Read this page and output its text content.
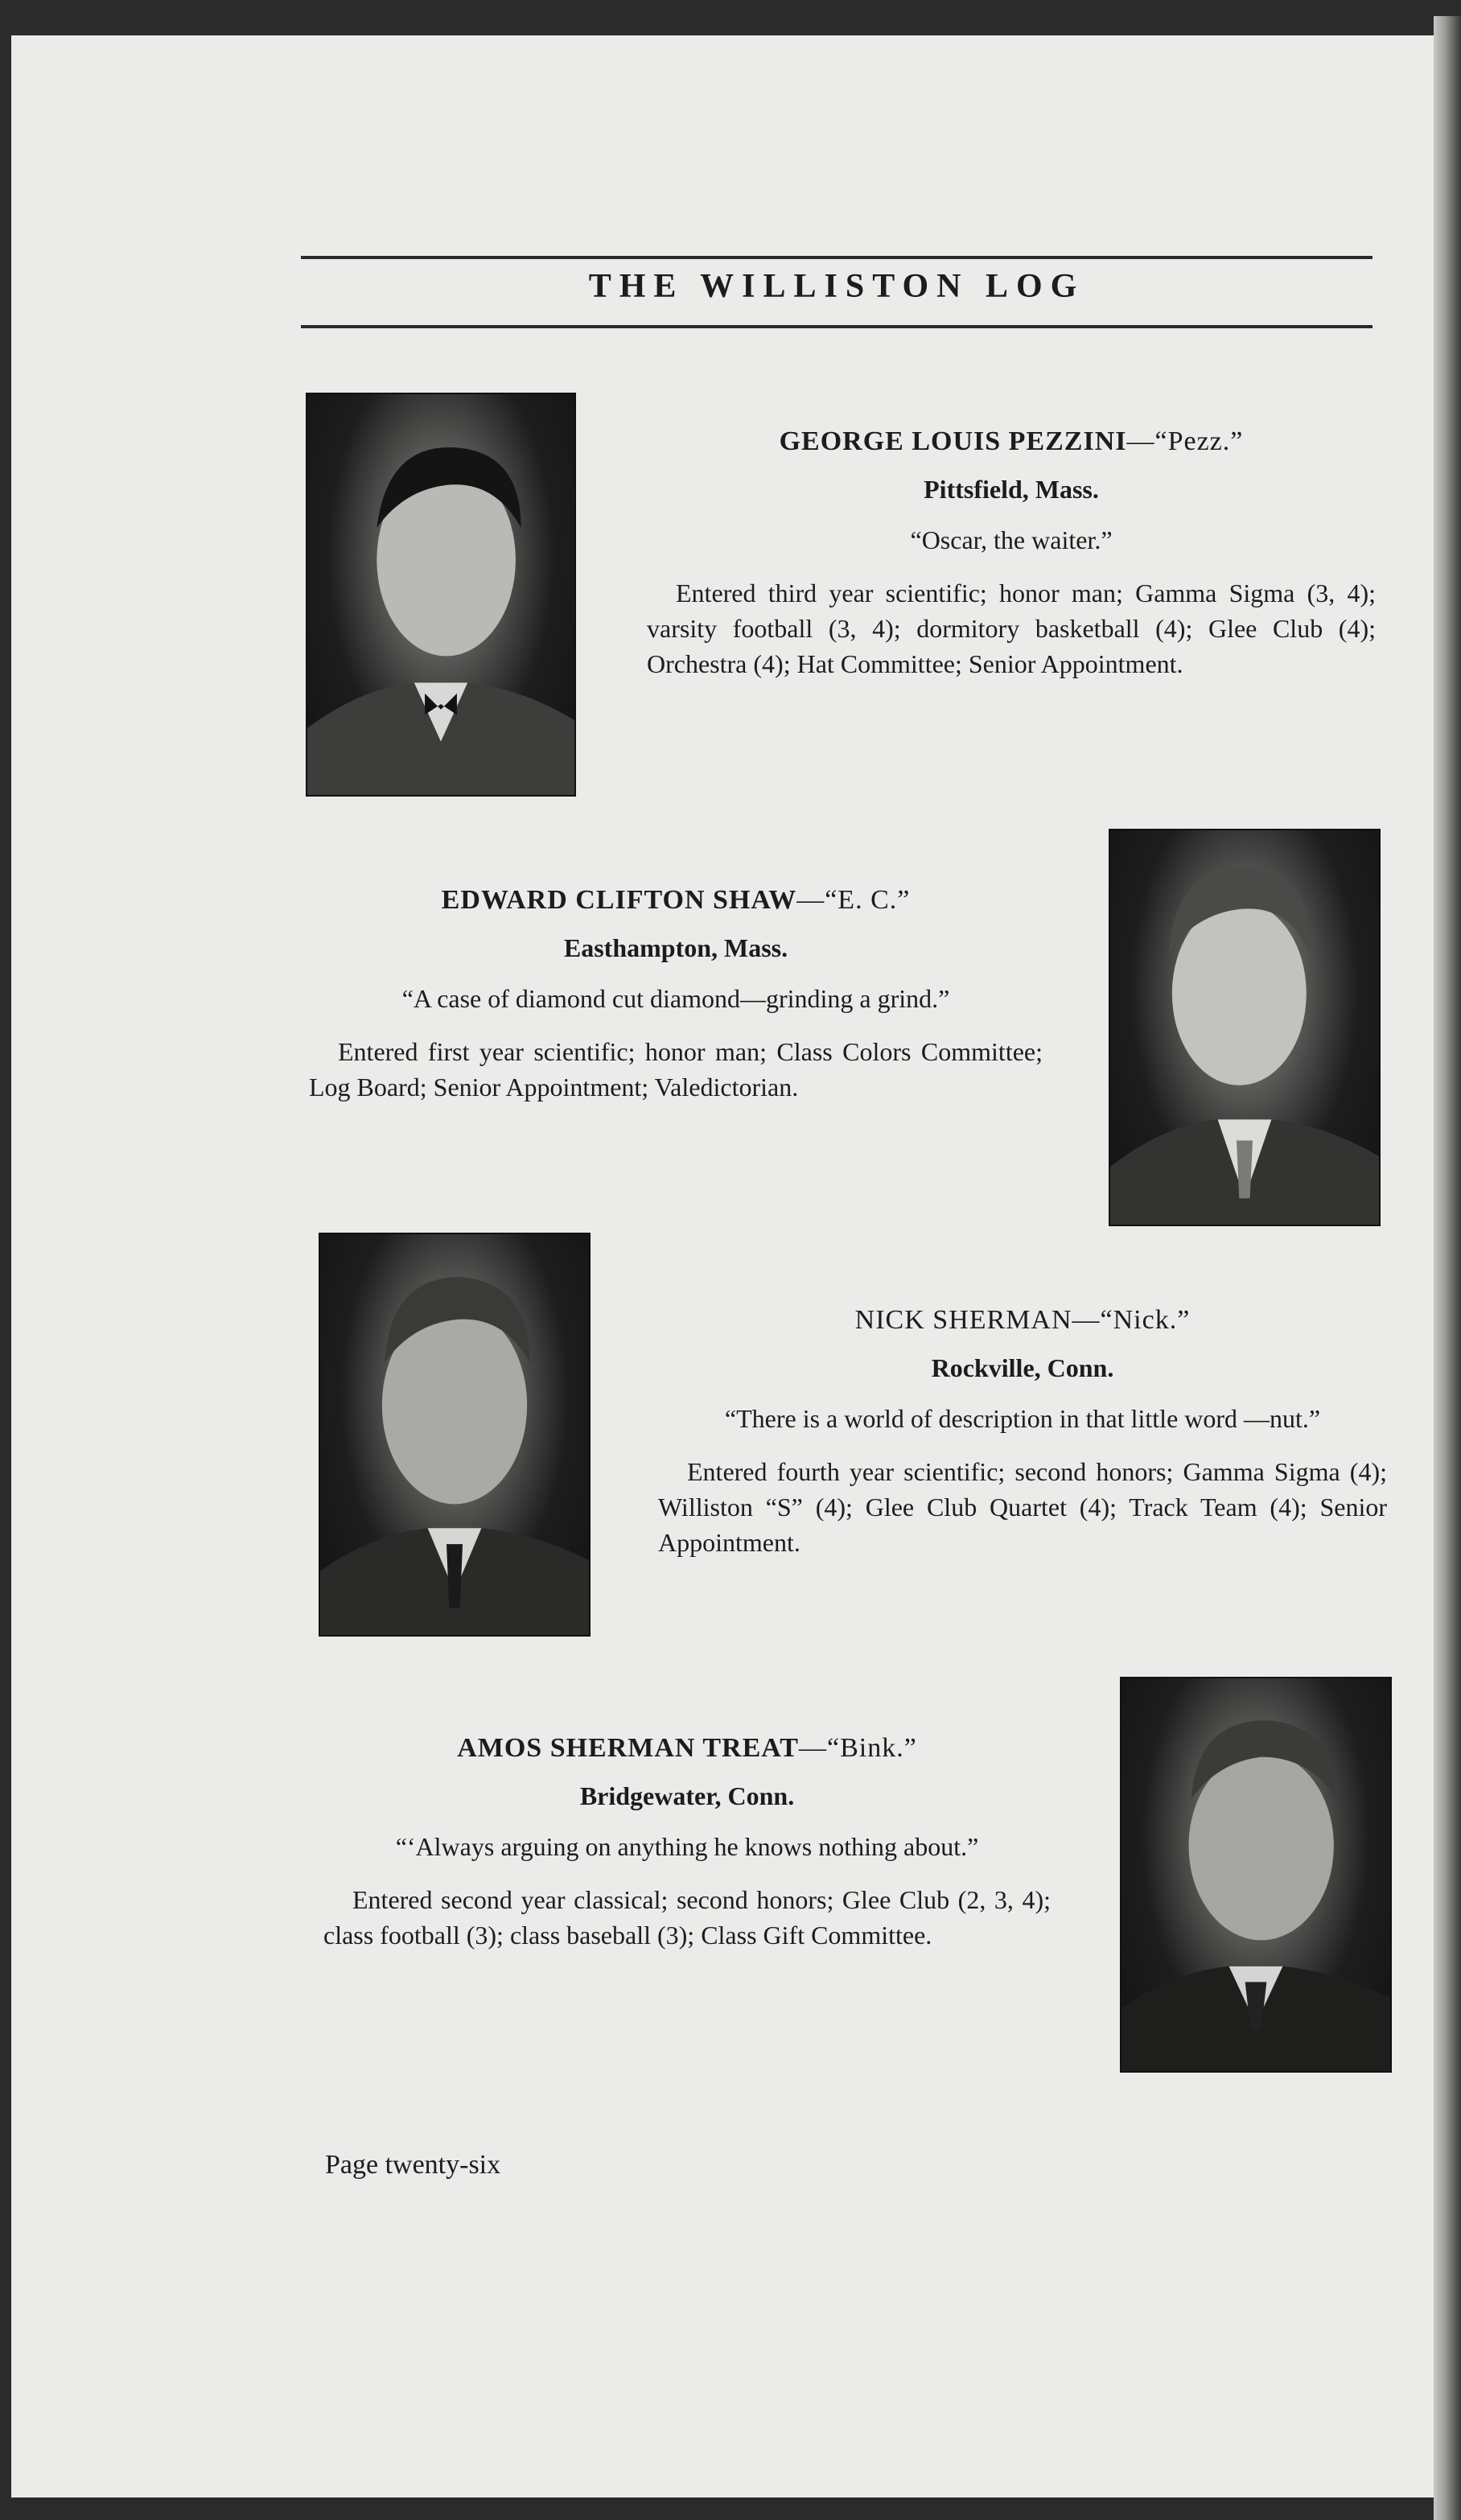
THE WILLISTON LOG
GEORGE LOUIS PEZZINI—“Pezz.”
Pittsfield, Mass.
“Oscar, the waiter.”

Entered third year scientific; honor man; Gamma Sigma (3, 4); varsity football (3, 4); dormitory basketball (4); Glee Club (4); Orchestra (4); Hat Committee; Senior Appointment.

EDWARD CLIFTON SHAW—“E. C.”
Easthampton, Mass.
“A case of diamond cut diamond—grinding a grind.”

Entered first year scientific; honor man; Class Colors Committee; Log Board; Senior Appointment; Valedictorian.

NICK SHERMAN—“Nick.”
Rockville, Conn.
“There is a world of description in that little word —nut.”

Entered fourth year scientific; second honors; Gamma Sigma (4); Williston “S” (4); Glee Club Quartet (4); Track Team (4); Senior Appointment.

AMOS SHERMAN TREAT—“Bink.”
Bridgewater, Conn.
“‘Always arguing on anything he knows nothing about.”

Entered second year classical; second honors; Glee Club (2, 3, 4); class football (3); class baseball (3); Class Gift Committee.

Page twenty-six
